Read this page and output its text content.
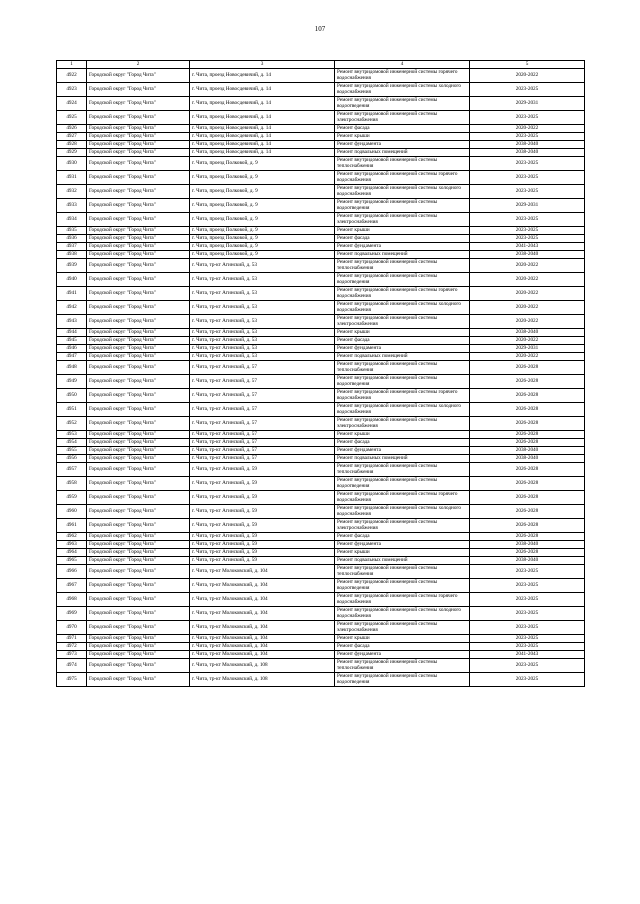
107
1	2	3	4	5
4922	Городской округ "Город Чита"	г. Чита, проезд Новосдевичий, д. 14	Ремонт внутридомовой инженерной системы горячего водоснабжения	2020-2022
4923	Городской округ "Город Чита"	г. Чита, проезд Новосдевичий, д. 14	Ремонт внутридомовой инженерной системы холодного водоснабжения	2023-2025
4924	Городской округ "Город Чита"	г. Чита, проезд Новосдевичий, д. 14	Ремонт внутридомовой инженерной системы водоотведения	2029-2031
4925	Городской округ "Город Чита"	г. Чита, проезд Новосдевичий, д. 14	Ремонт внутридомовой инженерной системы электроснабжения	2023-2025
4926	Городской округ "Город Чита"	г. Чита, проезд Новосдевичий, д. 14	Ремонт фасада	2020-2022
4927	Городской округ "Город Чита"	г. Чита, проезд Новосдевичий, д. 14	Ремонт крыши	2023-2025
4928	Городской округ "Город Чита"	г. Чита, проезд Новосдевичий, д. 14	Ремонт фундамента	2038-2040
4929	Городской округ "Город Чита"	г. Чита, проезд Новосдевичий, д. 14	Ремонт подвальных помещений	2038-2040
4930	Городской округ "Город Чита"	г. Чита, проезд Полковой, д. 9	Ремонт внутридомовой инженерной системы теплоснабжения	2023-2025
4931	Городской округ "Город Чита"	г. Чита, проезд Полковой, д. 9	Ремонт внутридомовой инженерной системы горячего водоснабжения	2023-2025
4932	Городской округ "Город Чита"	г. Чита, проезд Полковой, д. 9	Ремонт внутридомовой инженерной системы холодного водоснабжения	2023-2025
4933	Городской округ "Город Чита"	г. Чита, проезд Полковой, д. 9	Ремонт внутридомовой инженерной системы водоотведения	2029-2031
4934	Городской округ "Город Чита"	г. Чита, проезд Полковой, д. 9	Ремонт внутридомовой инженерной системы электроснабжения	2023-2025
4935	Городской округ "Город Чита"	г. Чита, проезд Полковой, д. 9	Ремонт крыши	2023-2025
4936	Городской округ "Город Чита"	г. Чита, проезд Полковой, д. 9	Ремонт фасада	2023-2025
4937	Городской округ "Город Чита"	г. Чита, проезд Полковой, д. 9	Ремонт фундамента	2041-2043
4938	Городской округ "Город Чита"	г. Чита, проезд Полковой, д. 9	Ремонт подвальных помещений	2038-2040
4939	Городской округ "Город Чита"	г. Чита, тр-кт Агинский, д. 53	Ремонт внутридомовой инженерной системы теплоснабжения	2020-2022
4940	Городской округ "Город Чита"	г. Чита, тр-кт Агинский, д. 53	Ремонт внутридомовой инженерной системы водоотведения	2020-2022
4941	Городской округ "Город Чита"	г. Чита, тр-кт Агинский, д. 53	Ремонт внутридомовой инженерной системы горячего водоснабжения	2020-2022
4942	Городской округ "Город Чита"	г. Чита, тр-кт Агинский, д. 53	Ремонт внутридомовой инженерной системы холодного водоснабжения	2020-2022
4943	Городской округ "Город Чита"	г. Чита, тр-кт Агинский, д. 53	Ремонт внутридомовой инженерной системы электроснабжения	2020-2022
4944	Городской округ "Город Чита"	г. Чита, тр-кт Агинский, д. 53	Ремонт крыши	2038-2040
4945	Городской округ "Город Чита"	г. Чита, тр-кт Агинский, д. 53	Ремонт фасада	2020-2022
4946	Городской округ "Город Чита"	г. Чита, тр-кт Агинский, д. 53	Ремонт фундамента	2029-2031
4947	Городской округ "Город Чита"	г. Чита, тр-кт Агинский, д. 53	Ремонт подвальных помещений	2020-2022
4948	Городской округ "Город Чита"	г. Чита, тр-кт Агинский, д. 57	Ремонт внутридомовой инженерной системы теплоснабжения	2026-2028
4949	Городской округ "Город Чита"	г. Чита, тр-кт Агинский, д. 57	Ремонт внутридомовой инженерной системы водоотведения	2026-2028
4950	Городской округ "Город Чита"	г. Чита, тр-кт Агинский, д. 57	Ремонт внутридомовой инженерной системы горячего водоснабжения	2026-2028
4951	Городской округ "Город Чита"	г. Чита, тр-кт Агинский, д. 57	Ремонт внутридомовой инженерной системы холодного водоснабжения	2026-2028
4952	Городской округ "Город Чита"	г. Чита, тр-кт Агинский, д. 57	Ремонт внутридомовой инженерной системы электроснабжения	2026-2028
4953	Городской округ "Город Чита"	г. Чита, тр-кт Агинский, д. 57	Ремонт крыши	2026-2028
4954	Городской округ "Город Чита"	г. Чита, тр-кт Агинский, д. 57	Ремонт фасада	2026-2028
4955	Городской округ "Город Чита"	г. Чита, тр-кт Агинский, д. 57	Ремонт фундамента	2038-2040
4956	Городской округ "Город Чита"	г. Чита, тр-кт Агинский, д. 57	Ремонт подвальных помещений	2038-2040
4957	Городской округ "Город Чита"	г. Чита, тр-кт Агинский, д. 59	Ремонт внутридомовой инженерной системы теплоснабжения	2026-2028
4958	Городской округ "Город Чита"	г. Чита, тр-кт Агинский, д. 59	Ремонт внутридомовой инженерной системы водоотведения	2026-2028
4959	Городской округ "Город Чита"	г. Чита, тр-кт Агинский, д. 59	Ремонт внутридомовой инженерной системы горячего водоснабжения	2026-2028
4960	Городской округ "Город Чита"	г. Чита, тр-кт Агинский, д. 59	Ремонт внутридомовой инженерной системы холодного водоснабжения	2026-2028
4961	Городской округ "Город Чита"	г. Чита, тр-кт Агинский, д. 59	Ремонт внутридомовой инженерной системы электроснабжения	2026-2028
4962	Городской округ "Город Чита"	г. Чита, тр-кт Агинский, д. 59	Ремонт фасада	2026-2028
4963	Городской округ "Город Чита"	г. Чита, тр-кт Агинский, д. 59	Ремонт фундамента	2038-2040
4964	Городской округ "Город Чита"	г. Чита, тр-кт Агинский, д. 59	Ремонт крыши	2026-2028
4965	Городской округ "Город Чита"	г. Чита, тр-кт Агинский, д. 59	Ремонт подвальных помещений	2038-2040
4966	Городской округ "Город Чита"	г. Чита, тр-кт Молоковский, д. 104	Ремонт внутридомовой инженерной системы теплоснабжения	2023-2025
4967	Городской округ "Город Чита"	г. Чита, тр-кт Молоковский, д. 104	Ремонт внутридомовой инженерной системы водоотведения	2023-2025
4968	Городской округ "Город Чита"	г. Чита, тр-кт Молоковский, д. 104	Ремонт внутридомовой инженерной системы горячего водоснабжения	2023-2025
4969	Городской округ "Город Чита"	г. Чита, тр-кт Молоковский, д. 104	Ремонт внутридомовой инженерной системы холодного водоснабжения	2023-2025
4970	Городской округ "Город Чита"	г. Чита, тр-кт Молоковский, д. 104	Ремонт внутридомовой инженерной системы электроснабжения	2023-2025
4971	Городской округ "Город Чита"	г. Чита, тр-кт Молоковский, д. 104	Ремонт крыши	2023-2025
4972	Городской округ "Город Чита"	г. Чита, тр-кт Молоковский, д. 104	Ремонт фасада	2023-2025
4973	Городской округ "Город Чита"	г. Чита, тр-кт Молоковский, д. 104	Ремонт фундамента	2041-2043
4974	Городской округ "Город Чита"	г. Чита, тр-кт Молоковский, д. 108	Ремонт внутридомовой инженерной системы теплоснабжения	2023-2025
4975	Городской округ "Город Чита"	г. Чита, тр-кт Молоковский, д. 108	Ремонт внутридомовой инженерной системы водоотведения	2023-2025
